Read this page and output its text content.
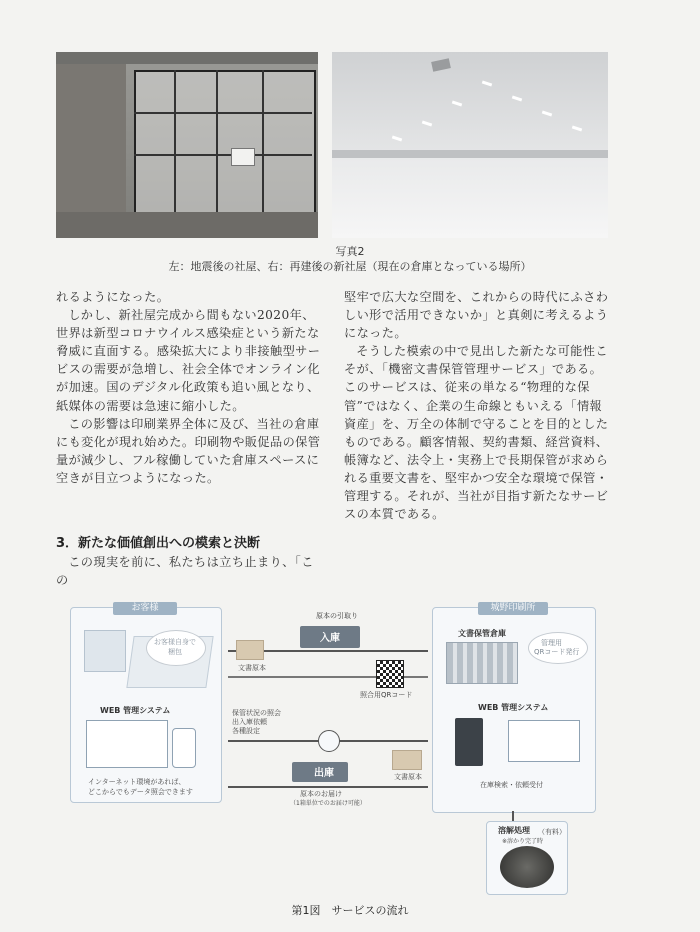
写真2
左：地震後の社屋、右：再建後の新社屋（現在の倉庫となっている場所）

れるようになった。

しかし、新社屋完成から間もない2020年、世界は新型コロナウイルス感染症という新たな脅威に直面する。感染拡大により非接触型サービスの需要が急増し、社会全体でオンライン化が加速。国のデジタル化政策も追い風となり、紙媒体の需要は急速に縮小した。

この影響は印刷業界全体に及び、当社の倉庫にも変化が現れ始めた。印刷物や販促品の保管量が減少し、フル稼働していた倉庫スペースに空きが目立つようになった。

3．新たな価値創出への模索と決断

この現実を前に、私たちは立ち止まり、「この

堅牢で広大な空間を、これからの時代にふさわしい形で活用できないか」と真剣に考えるようになった。

そうした模索の中で見出した新たな可能性こそが、「機密文書保管管理サービス」である。このサービスは、従来の単なる“物理的な保管”ではなく、企業の生命線ともいえる「情報資産」を、万全の体制で守ることを目的としたものである。顧客情報、契約書類、経営資料、帳簿など、法令上・実務上で長期保管が求められる重要文書を、堅牢かつ安全な環境で保管・管理する。それが、当社が目指す新たなサービスの本質である。

お客様
お客様自身で梱包
WEB 管理システム
インターネット環境があれば、
どこからでもデータ照会できます
城野印刷所
文書保管倉庫
管理用
QRコード発行
WEB 管理システム
在庫検索・依頼受付
原本の引取り
入庫
文書原本
照合用QRコード
保管状況の照会
出入庫依頼
各種設定
文書原本
出庫
原本のお届け
（1箱単位でのお届け可能）
溶解処理 （有料）
※溶かり完了時
第1図　サービスの流れ
